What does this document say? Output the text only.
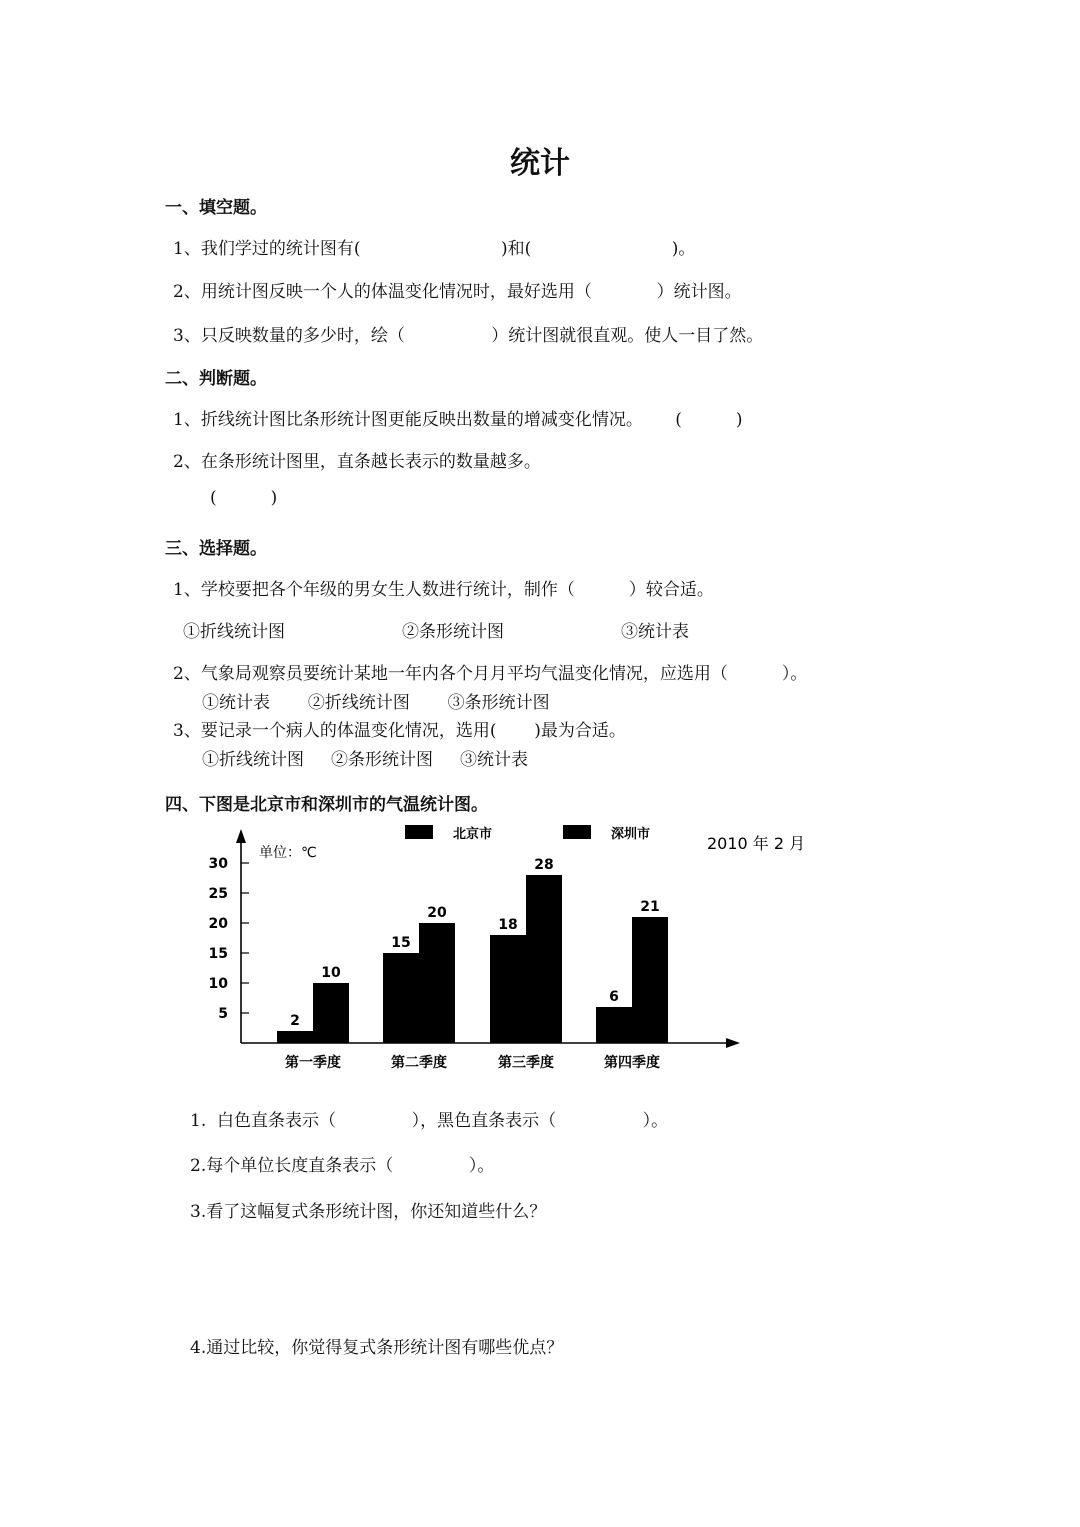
统计
一、填空题。
1、我们学过的统计图有(                          )和(                          )。
2、用统计图反映一个人的体温变化情况时，最好选用（            ）统计图。
3、只反映数量的多少时，绘（                ）统计图就很直观。使人一目了然。
二、判断题。
1、折线统计图比条形统计图更能反映出数量的增减变化情况。      (          )
2、在条形统计图里，直条越长表示的数量越多。
(          )
三、选择题。
1、学校要把各个年级的男女生人数进行统计，制作（          ）较合适。
①折线统计图	②条形统计图	③统计表
2、气象局观察员要统计某地一年内各个月月平均气温变化情况，应选用（          ）。
①统计表       ②折线统计图       ③条形统计图
3、要记录一个病人的体温变化情况，选用(       )最为合适。
①折线统计图     ②条形统计图     ③统计表
四、下图是北京市和深圳市的气温统计图。
5
10
15
20
25
30
单位：℃
北京市	深圳市	2010 年 2 月
2
10
第一季度
15
20
第二季度
18
28
第三季度
6
21
第四季度
1.  白色直条表示（              ），黑色直条表示（                ）。
2.每个单位长度直条表示（              ）。
3.看了这幅复式条形统计图，你还知道些什么？
4.通过比较，你觉得复式条形统计图有哪些优点？
